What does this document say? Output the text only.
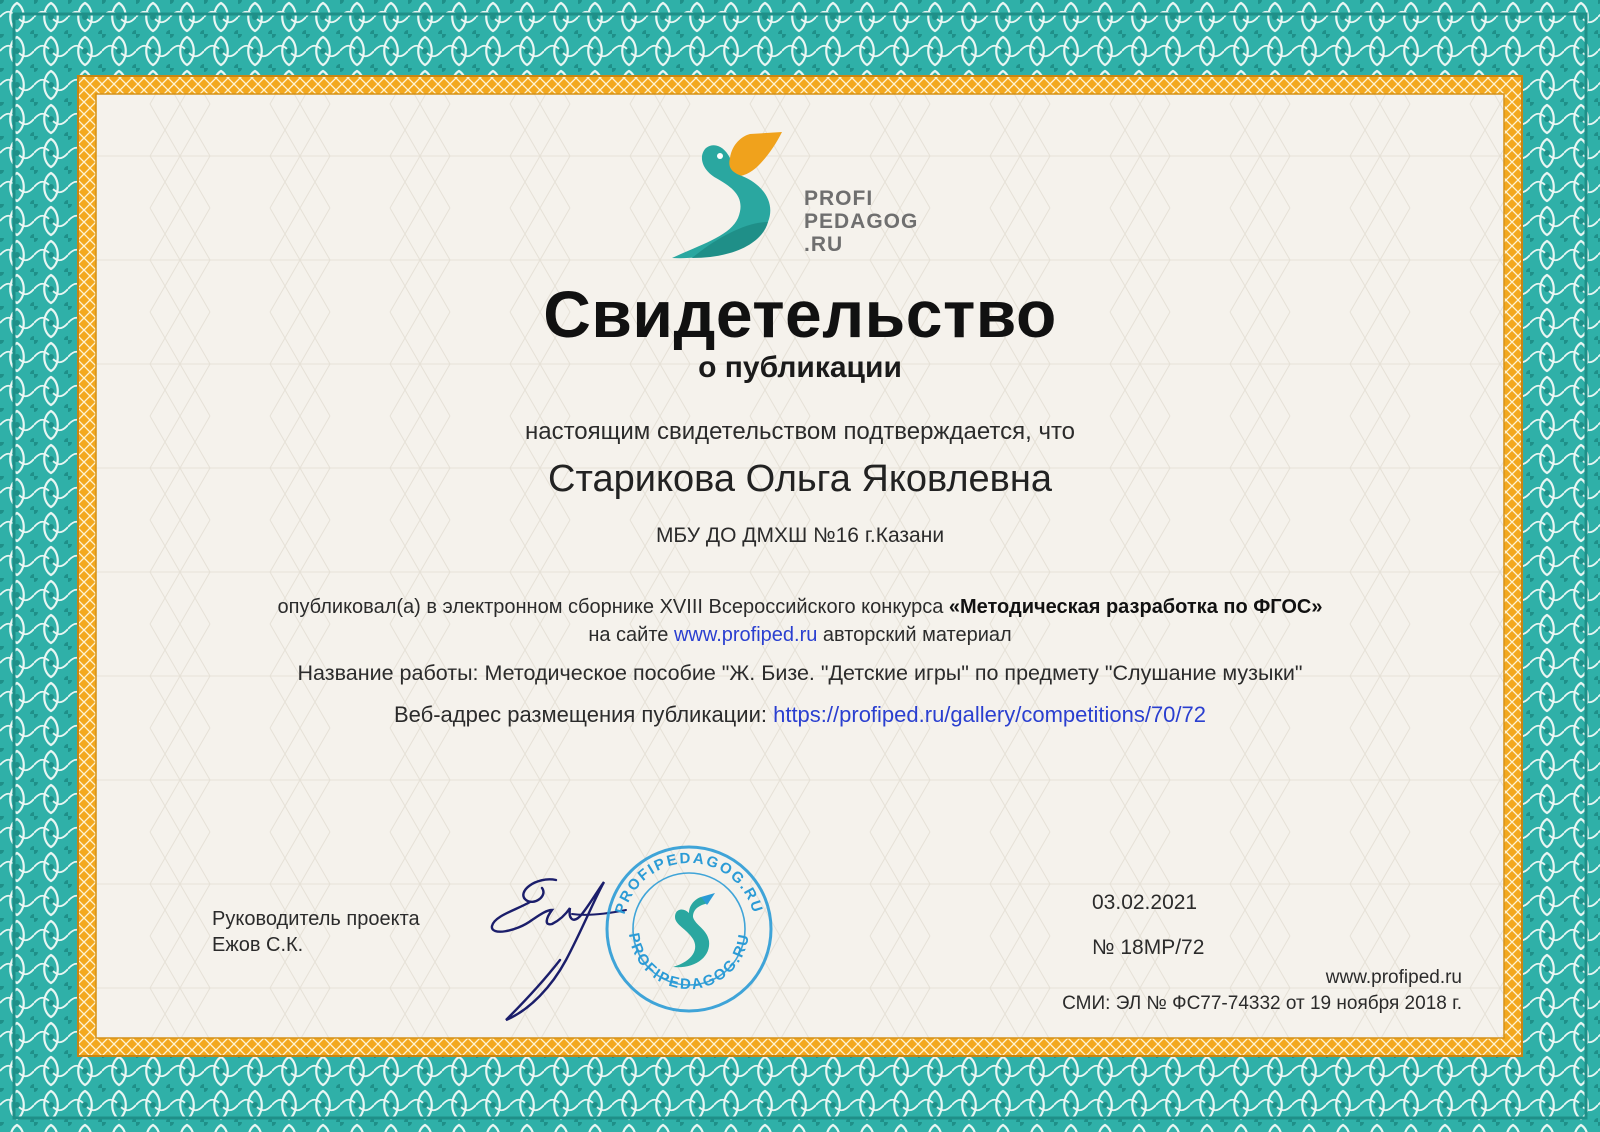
PROFI
PEDAGOG
.RU
Свидетельство
о публикации
настоящим свидетельством подтверждается, что
Старикова Ольга Яковлевна
МБУ ДО ДМХШ №16 г.Казани
опубликовал(а) в электронном сборнике XVIII Всероссийского конкурса «Методическая разработка по ФГОС»
на сайте www.profiped.ru авторский материал
Название работы: Методическое пособие "Ж. Бизе. "Детские игры" по предмету "Слушание музыки"
Веб-адрес размещения публикации: https://profiped.ru/gallery/competitions/70/72
Руководитель проекта
Ежов С.К.
PROFIPEDAGOG.RU
PROFIPEDAGOG.RU
03.02.2021
№ 18МР/72
www.profiped.ru
СМИ: ЭЛ № ФС77-74332 от 19 ноября 2018 г.
